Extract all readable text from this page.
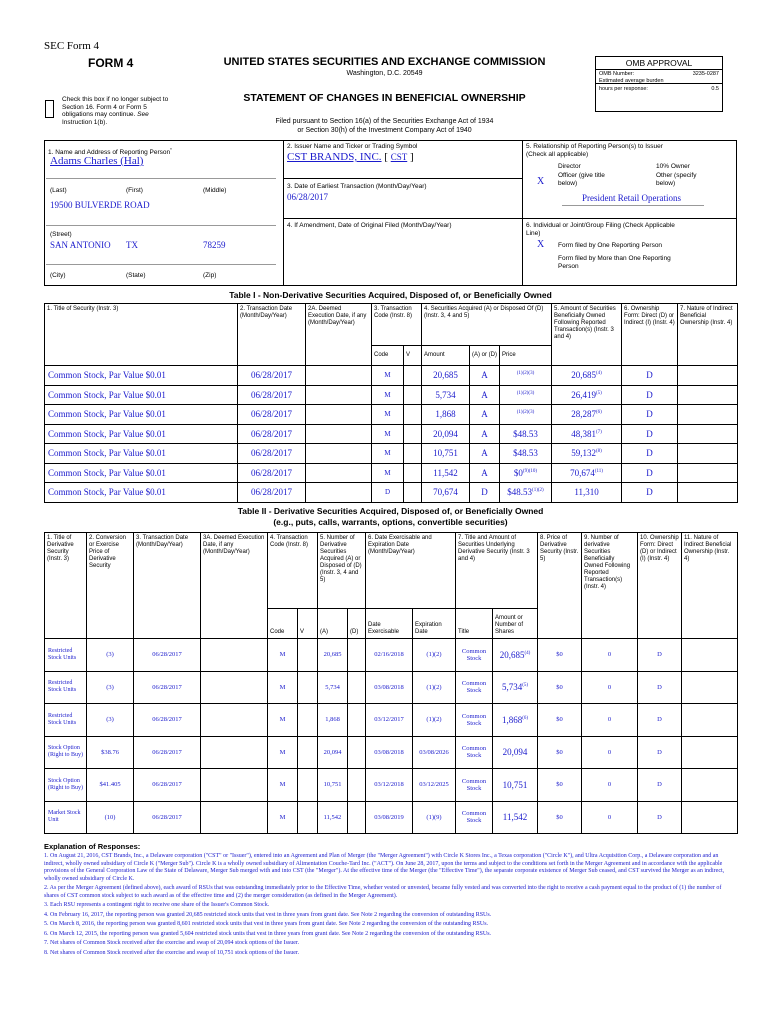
SEC Form 4
FORM 4	UNITED STATES SECURITIES AND EXCHANGE COMMISSION
Washington, D.C. 20549
STATEMENT OF CHANGES IN BENEFICIAL OWNERSHIP
Filed pursuant to Section 16(a) of the Securities Exchange Act of 1934
or Section 30(h) of the Investment Company Act of 1940
Check this box if no longer subject to
Section 16. Form 4 or Form 5
obligations may continue. See
Instruction 1(b).
OMB APPROVAL
OMB Number:	3235-0287
Estimated average burden
hours per response:	0.5
1. Name and Address of Reporting Person*
Adams Charles (Hal)
(Last)	(First)	(Middle)
19500 BULVERDE ROAD
(Street)
SAN ANTONIO TX	78259
(City)	(State)	(Zip)
2. Issuer Name and Ticker or Trading Symbol
CST BRANDS, INC. [ CST ]
3. Date of Earliest Transaction (Month/Day/Year)
06/28/2017
4. If Amendment, Date of Original Filed (Month/Day/Year)
5. Relationship of Reporting Person(s) to Issuer
(Check all applicable)
Director	10% Owner
X
Officer (give title
below)
Other (specify
below)
President Retail Operations
6. Individual or Joint/Group Filing (Check Applicable
Line)
X Form filed by One Reporting Person
Form filed by More than One Reporting
Person
Table I - Non-Derivative Securities Acquired, Disposed of, or Beneficially Owned
1. Title of Security (Instr. 3)	2. Transaction Date (Month/Day/Year)	2A. Deemed Execution Date, if any (Month/Day/Year)	3. Transaction Code (Instr. 8)		4. Securities Acquired (A) or Disposed Of (D) (Instr. 3, 4 and 5)			5. Amount of Securities Beneficially Owned Following Reported Transaction(s) (Instr. 3 and 4)	6. Ownership Form: Direct (D) or Indirect (I) (Instr. 4)	7. Nature of Indirect Beneficial Ownership (Instr. 4)
			Code	V	Amount	(A) or (D)	Price			
Common Stock, Par Value $0.01	06/28/2017		M		20,685	A	$^{(1)(2)(3)}$	20,685$^{(4)}$	D	
Common Stock, Par Value $0.01	06/28/2017		M		5,734	A	$^{(1)(2)(3)}$	26,419$^{(5)}$	D	
Common Stock, Par Value $0.01	06/28/2017		M		1,868	A	$^{(1)(2)(3)}$	28,287$^{(6)}$	D	
Common Stock, Par Value $0.01	06/28/2017		M		20,094	A	$48.53	48,381$^{(7)}$	D	
Common Stock, Par Value $0.01	06/28/2017		M		10,751	A	$48.53	59,132$^{(8)}$	D	
Common Stock, Par Value $0.01	06/28/2017		M		11,542	A	$\$0^{(9)(10)}$	70,674$^{(11)}$	D	
Common Stock, Par Value $0.01	06/28/2017		D		70,674	D	$\$48.53^{(1)(2)}$	11,310	D	
Table II - Derivative Securities Acquired, Disposed of, or Beneficially Owned
(e.g., puts, calls, warrants, options, convertible securities)
1. Title of Derivative Security (Instr. 3)	2. Conversion or Exercise Price of Derivative Security	3. Transaction Date (Month/Day/Year)	3A. Deemed Execution Date, if any (Month/Day/Year)	4. Transaction Code (Instr. 8)		5. Number of Derivative Securities Acquired (A) or Disposed of (D) (Instr. 3, 4 and 5)		6. Date Exercisable and Expiration Date (Month/Day/Year)		7. Title and Amount of Securities Underlying Derivative Security (Instr. 3 and 4)		8. Price of Derivative Security (Instr. 5)	9. Number of derivative Securities Beneficially Owned Following Reported Transaction(s) (Instr. 4)	10. Ownership Form: Direct (D) or Indirect (I) (Instr. 4)	11. Nature of Indirect Beneficial Ownership (Instr. 4)
				Code	V	(A)	(D)	Date Exercisable	Expiration Date	Title	Amount or Number of Shares				
Restricted Stock Units	(3)	06/28/2017		M		20,685		02/16/2018	(1)(2)	Common Stock	20,685$^{(4)}$	$0	0	D	
Restricted Stock Units	(3)	06/28/2017		M		5,734		03/08/2018	(1)(2)	Common Stock	5,734$^{(5)}$	$0	0	D	
Restricted Stock Units	(3)	06/28/2017		M		1,868		03/12/2017	(1)(2)	Common Stock	1,868$^{(6)}$	$0	0	D	
Stock Option (Right to Buy)	$38.76	06/28/2017		M		20,094		03/08/2018	03/08/2026	Common Stock	20,094	$0	0	D	
Stock Option (Right to Buy)	$41.405	06/28/2017		M		10,751		03/12/2018	03/12/2025	Common Stock	10,751	$0	0	D	
Market Stock Unit	(10)	06/28/2017		M		11,542		03/08/2019	(1)(9)	Common Stock	11,542	$0	0	D	
Explanation of Responses:

1. On August 21, 2016, CST Brands, Inc., a Delaware corporation ("CST" or "Issuer"), entered into an Agreement and Plan of Merger (the "Merger Agreement") with Circle K Stores Inc., a Texas corporation ("Circle K"), and Ultra Acquisition Corp., a Delaware corporation and an indirect, wholly owned subsidiary of Circle K ("Merger Sub"). Circle K is a wholly owned subsidiary of Alimentation Couche-Tard Inc. ("ACT"). On June 28, 2017, upon the terms and subject to the conditions set forth in the Merger Agreement and in accordance with the applicable provisions of the General Corporation Law of the State of Delaware, Merger Sub merged with and into CST (the "Merger"). At the effective time of the Merger (the "Effective Time"), the separate corporate existence of Merger Sub ceased, and CST survived the Merger as an indirect, wholly owned subsidiary of Circle K.

2. As per the Merger Agreement (defined above), each award of RSUs that was outstanding immediately prior to the Effective Time, whether vested or unvested, became fully vested and was converted into the right to receive a cash payment equal to the product of (1) the number of shares of CST common stock subject to such award as of the effective time and (2) the merger consideration (as defined in the Merger Agreement).

3. Each RSU represents a contingent right to receive one share of the Issuer's Common Stock.

4. On February 16, 2017, the reporting person was granted 20,685 restricted stock units that vest in three years from grant date. See Note 2 regarding the conversion of outstanding RSUs.

5. On March 8, 2016, the reporting person was granted 8,601 restricted stock units that vest in three years from grant date. See Note 2 regarding the conversion of the outstanding RSUs.

6. On March 12, 2015, the reporting person was granted 5,604 restricted stock units that vest in three years from grant date. See Note 2 regarding the conversion of the outstanding RSUs.

7. Net shares of Common Stock received after the exercise and swap of 20,094 stock options of the Issuer.

8. Net shares of Common Stock received after the exercise and swap of 10,751 stock options of the Issuer.
